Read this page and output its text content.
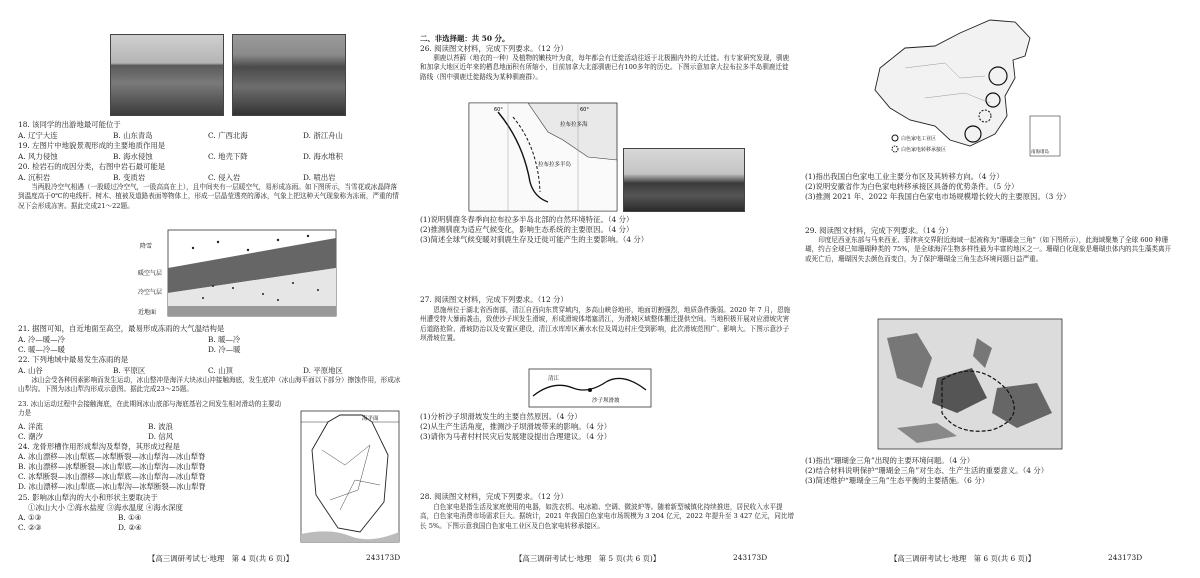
18. 该同学的出游地最可能位于
A. 辽宁大连	B. 山东青岛	C. 广西北海	D. 浙江舟山
19. 左图片中地貌景观形成的主要地质作用是
A. 风力侵蚀	B. 海水侵蚀	C. 地壳下降	D. 海水堆积
20. 检岩石的成因分类，右图中岩石最可能是
A. 沉积岩	B. 变质岩	C. 侵入岩	D. 喷出岩
当两股冷空气相遇（一股暖过冷空气，一股高高在上），且中间夹有一层暖空气，易形成冻雨。如下图所示，当雪花或冰晶降落到温度高于0℃的电线杆、树木、植被及道路表面等物体上，形成一层晶莹透亮的薄冰，气象上把这种天气现象称为冻雨，严重的情况下会形成冻害。据此完成21～22题。
降雪
暖空气层
冷空气层
近地面
21. 据图可知，自近地面至高空，最易形成冻雨的大气温结构是
A. 冷—暖—冷	B. 暖—冷
C. 暖—冷—暖	D. 冷—暖
22. 下列地域中最易发生冻雨的是
A. 山谷	B. 平原区	C. 山顶	D. 平原地区
冰山会受各种因素影响而发生运动，冰山整冲是海洋大块冰山冲接触海底，发生底冲（冰山海平面以下部分）擦蚀作用，形成冰山犁沟。下图为冰山犁沟形成示意图。据此完成23～25题。
23. 冰山运动过程中会接触海底，在此期间冰山底部与海底基岩之间发生相对滑动的主要动力是
A. 洋流	B. 波浪
C. 潮汐	D. 信风
24. 龙骨形槽作用形成犁沟及犁脊，其形成过程是
A. 冰山漂移—冰山犁底—冰犁断裂—冰山犁沟—冰山犁脊
B. 冰山漂移—冰犁断裂—冰山犁底—冰山犁沟—冰山犁脊
C. 冰犁断裂—冰山漂移—冰山犁底—冰山犁沟—冰山犁脊
D. 冰山漂移—冰山犁底—冰山犁沟—冰犁断裂—冰山犁脊
25. 影响冰山犁沟的大小和形状主要取决于
①冰山大小 ②海水盐度 ③海水温度 ④海水深度
A. ①③	B. ①④
C. ②③	D. ②④
海平面
【高三调研考试七·地理　第 4 页(共 6 页)】	243173D
二、非选择题：共 50 分。
26. 阅读图文材料，完成下列要求。（12 分）
驯鹿以苔藓（地衣的一种）及植物的嫩枝叶为食，每年都会有迁徙活动往返于北极圈内外的大迁徙。有专家研究发现，驯鹿和加拿大地区近年来的栖息地面积有所缩小，目前加拿大北部驯鹿已有100多年的历史。下图示意加拿大拉布拉多半岛驯鹿迁徙路线（图中驯鹿迁徙路线为某种驯鹿群）。
60°	60°
拉布拉多半岛
拉布拉多海
(1)说明驯鹿冬春季向拉布拉多半岛北部的自然环境特征。（4 分）
(2)推测驯鹿为适应气候变化，影响生态系统的主要原因。（4 分）
(3)简述全球气候变暖对驯鹿生存及迁徙可能产生的主要影响。（4 分）
27. 阅读图文材料，完成下列要求。（12 分）
恩施州位于湖北省西南部，清江自西向东贯穿域内，多高山峡谷地形，地面切割强烈，地质条件脆弱。2020 年 7 月，恩施州遭受特大暴雨袭击，致使沙子坝发生滑坡，形成滑坡体堵塞清江，为滑坡区域整体搬迁提供空间。当地积极开展对应滑坡灾害后道路抢险、滑坡防治以及安置区建设，清江水库库区蓄水水位及周边村庄受到影响，此次滑坡范围广、影响大。下图示意沙子坝滑坡位置。
清江
沙子坝滑坡
(1)分析沙子坝滑坡发生的主要自然原因。（4 分）
(2)从生产生活角度，推测沙子坝滑坡带来的影响。（4 分）
(3)请你为马者村村民灾后发展建设提出合理建议。（4 分）
28. 阅读图文材料，完成下列要求。（12 分）
白色家电是指生活及家庭使用的电器，如洗衣机、电冰箱、空调、微波炉等。随着新型城镇化持续推进，居民收入水平提高，白色家电消费市场需求巨大。据统计，2021 年我国白色家电市场规模为 3 204 亿元，2022 年提升至 3 427 亿元，同比增长 5%。下图示意我国白色家电工业区及白色家电转移承接区。
【高三调研考试七·地理　第 5 页(共 6 页)】	243173D
南海诸岛
白色家电工业区
白色家电转移承接区
(1)指出我国白色家电工业主要分布区及其转移方向。（4 分）
(2)说明安徽省作为白色家电转移承接区具备的优势条件。（5 分）
(3)推测 2021 年、2022 年我国白色家电市场规模增长较大的主要原因。（3 分）
29. 阅读图文材料，完成下列要求。（14 分）
印度尼西亚东部与马来西亚、菲律宾交界附近海域一起被称为“珊瑚金三角”（如下图所示），此海域聚集了全球 600 种珊瑚，约占全球已知珊瑚种类的 75%，是全球海洋生物多样性最为丰富的地区之一。珊瑚白化现象是珊瑚虫体内的共生藻类离开或死亡后，珊瑚因失去颜色而变白，为了保护珊瑚金三角生态环境问题日益严重。
(1)指出“珊瑚金三角”出现的主要环境问题。（4 分）
(2)结合材料说明保护“珊瑚金三角”对生态、生产生活的重要意义。（4 分）
(3)简述维护“珊瑚金三角”生态平衡的主要措施。（6 分）
【高三调研考试七·地理　第 6 页(共 6 页)】	243173D
